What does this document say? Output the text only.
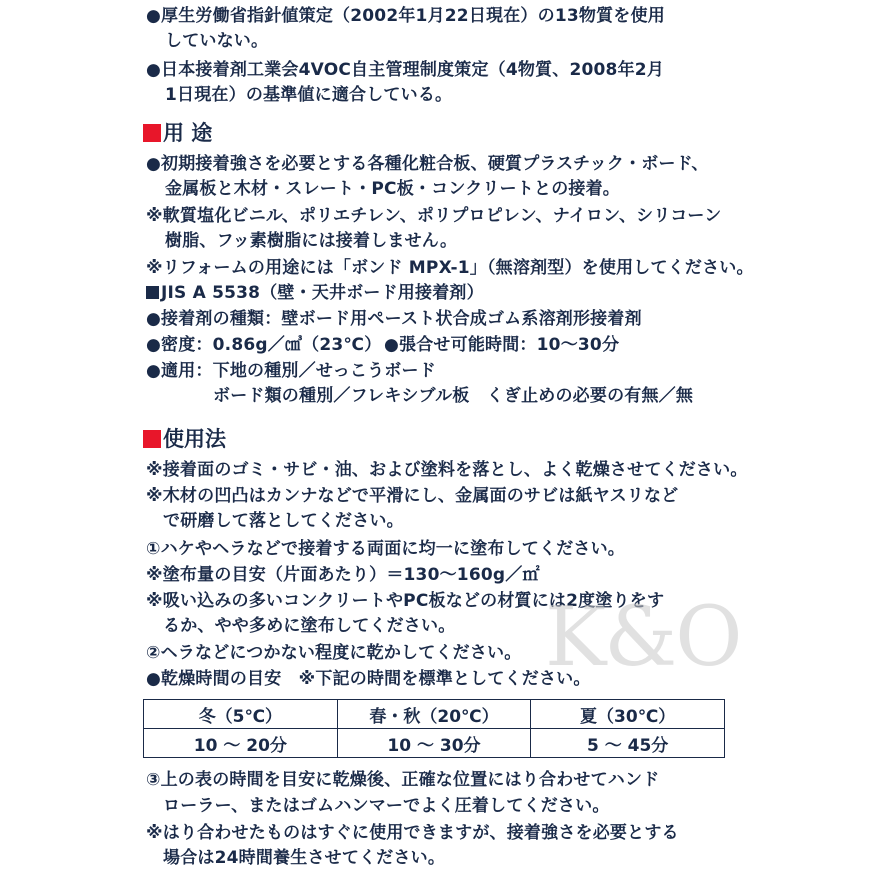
●厚生労働省指針値策定（2002年1月22日現在）の13物質を使用
していない。
●日本接着剤工業会4VOC自主管理制度策定（4物質、2008年2月
1日現在）の基準値に適合している。
用 途
●初期接着強さを必要とする各種化粧合板、硬質プラスチック・ボード、
金属板と木材・スレート・PC板・コンクリートとの接着。
※軟質塩化ビニル、ポリエチレン、ポリプロピレン、ナイロン、シリコーン
樹脂、フッ素樹脂には接着しません。
※リフォームの用途には「ボンド MPX-1」（無溶剤型）を使用してください。
JIS A 5538（壁・天井ボード用接着剤）
●接着剤の種類：壁ボード用ペースト状合成ゴム系溶剤形接着剤
●密度：0.86g／㎤（23℃） ●張合せ可能時間：10〜30分
●適用：下地の種別／せっこうボード
ボード類の種別／フレキシブル板　くぎ止めの必要の有無／無
使用法
※接着面のゴミ・サビ・油、および塗料を落とし、よく乾燥させてください。
※木材の凹凸はカンナなどで平滑にし、金属面のサビは紙ヤスリなど
で研磨して落としてください。
①ハケやヘラなどで接着する両面に均一に塗布してください。
※塗布量の目安（片面あたり）＝130〜160g／㎡
※吸い込みの多いコンクリートやPC板などの材質には2度塗りをす
るか、やや多めに塗布してください。
②ヘラなどにつかない程度に乾かしてください。
●乾燥時間の目安　※下記の時間を標準としてください。
冬（5℃）	春・秋（20℃）	夏（30℃）
10 〜 20分	10 〜 30分	5 〜 45分
③上の表の時間を目安に乾燥後、正確な位置にはり合わせてハンド
ローラー、またはゴムハンマーでよく圧着してください。
※はり合わせたものはすぐに使用できますが、接着強さを必要とする
場合は24時間養生させてください。
K&O
